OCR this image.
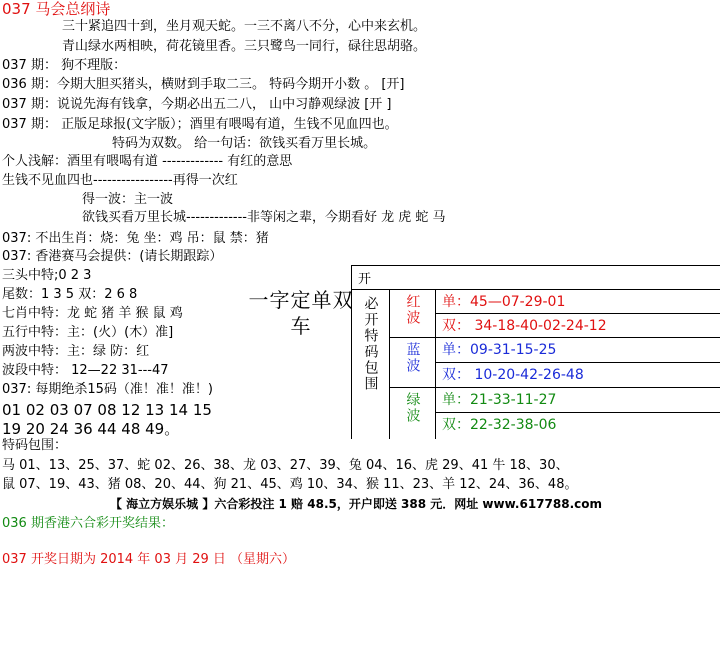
037 马会总纲诗
三十紧追四十到，坐月观天蛇。一三不离八不分，心中来玄机。
青山绿水两相映，荷花镜里香。三只鹭鸟一同行，碌往思胡骆。
037 期： 狗不理版：
036 期：今期大胆买猪头，横财到手取二三。 特码今期开小数 。 [开]
037 期：说说先海有钱拿，今期必出五二八， 山中习静观绿波 [开 ]
037 期： 正版足球报(文字版）；酒里有喂喝有道，生钱不见血四也。
特码为双数。 给一句话：欲钱买看万里长城。
个人浅解：酒里有喂喝有道 ------------- 有红的意思
生钱不见血四也-----------------再得一次红
得一波：主一波
欲钱买看万里长城-------------非等闲之辈，今期看好 龙 虎 蛇 马
037: 不出生肖：烧：兔 坐：鸡 吊：鼠 禁：猪
037: 香港赛马会提供：(请长期跟踪）
三头中特;0 2 3
尾数：1 3 5 双：2 6 8
七肖中特：龙 蛇 猪 羊 猴 鼠 鸡
五行中特：主：(火）(木）准]
两波中特：主：绿 防：红
波段中特： 12—22 31---47
037: 每期绝杀15码（准！准！准！)
01 02 03 07 08 12 13 14 15
19 20 24 36 44 48 49。
一字定单双 车
开
必开特码包围 红波	单：45—07-29-01
双： 34-18-40-02-24-12
蓝波	单：09-31-15-25
双： 10-20-42-26-48
绿波	单：21-33-11-27
双：22-32-38-06
特码包围：
马 01、13、25、37、蛇 02、26、38、龙 03、27、39、兔 04、16、虎 29、41 牛 18、30、
鼠 07、19、43、猪 08、20、44、狗 21、45、鸡 10、34、猴 11、23、羊 12、24、36、48。
【 海立方娱乐城 】六合彩投注 1 赔 48.5，开户即送 388 元．网址 www.617788.com
036 期香港六合彩开奖结果：
037 开奖日期为 2014 年 03 月 29 日 （星期六）
